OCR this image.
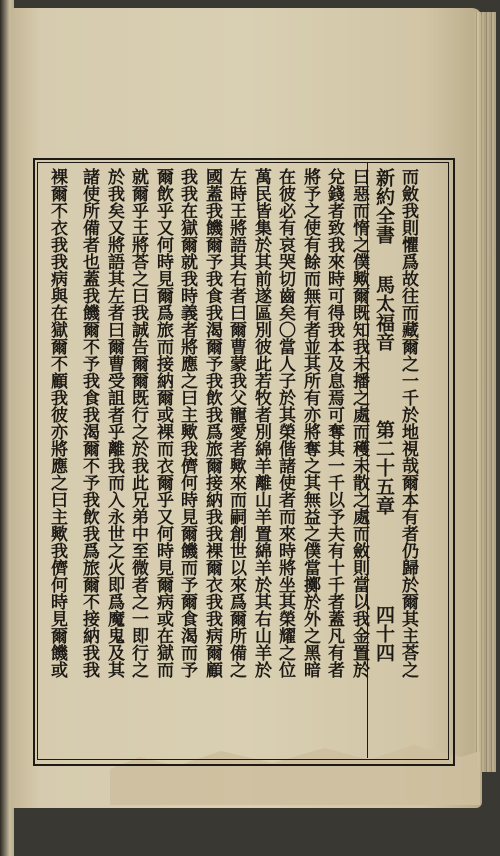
新約全書
馬太福音
第二十五章
四十四 而斂我則懼爲故往而藏爾之一千於地視哉爾本有者仍歸於爾其主荅之
曰惡而惰之僕歟爾既知我未播之處而穫未散之處而斂則當以我金置於
兌錢者致我來時可得我本及息焉可奪其一千以予夫有十千者蓋凡有者
將予之使有餘而無有者並其所有亦將奪之其無益之僕當擲於外之黑暗
在彼必有哀哭切齒矣〇當人子於其榮偕諸使者而來時將坐其榮耀之位
萬民皆集於其前遂區別彼此若牧者別綿羊離山羊置綿羊於其右山羊於
左時王將語其右者曰爾曹蒙我父寵愛者歟來而嗣創世以來爲爾所備之
國蓋我饑爾予我食我渴爾予我飲我爲旅爾接納我我裸爾衣我我病爾顧
我我在獄爾就我時義者將應之曰主歟我儕何時見爾饑而予爾食渴而予
爾飲乎又何時見爾爲旅而接納爾或裸而衣爾乎又何時見爾病或在獄而
就爾乎王將荅之曰我誠告爾爾既行之於我此兄弟中至微者之一即行之
於我矣又將語其左者曰爾曹受詛者乎離我而入永世之火即爲魔鬼及其
諸使所備者也蓋我饑爾不予我食我渴爾不予我飲我爲旅爾不接納我我
裸爾不衣我我病與在獄爾不顧我彼亦將應之曰主歟我儕何時見爾饑或
